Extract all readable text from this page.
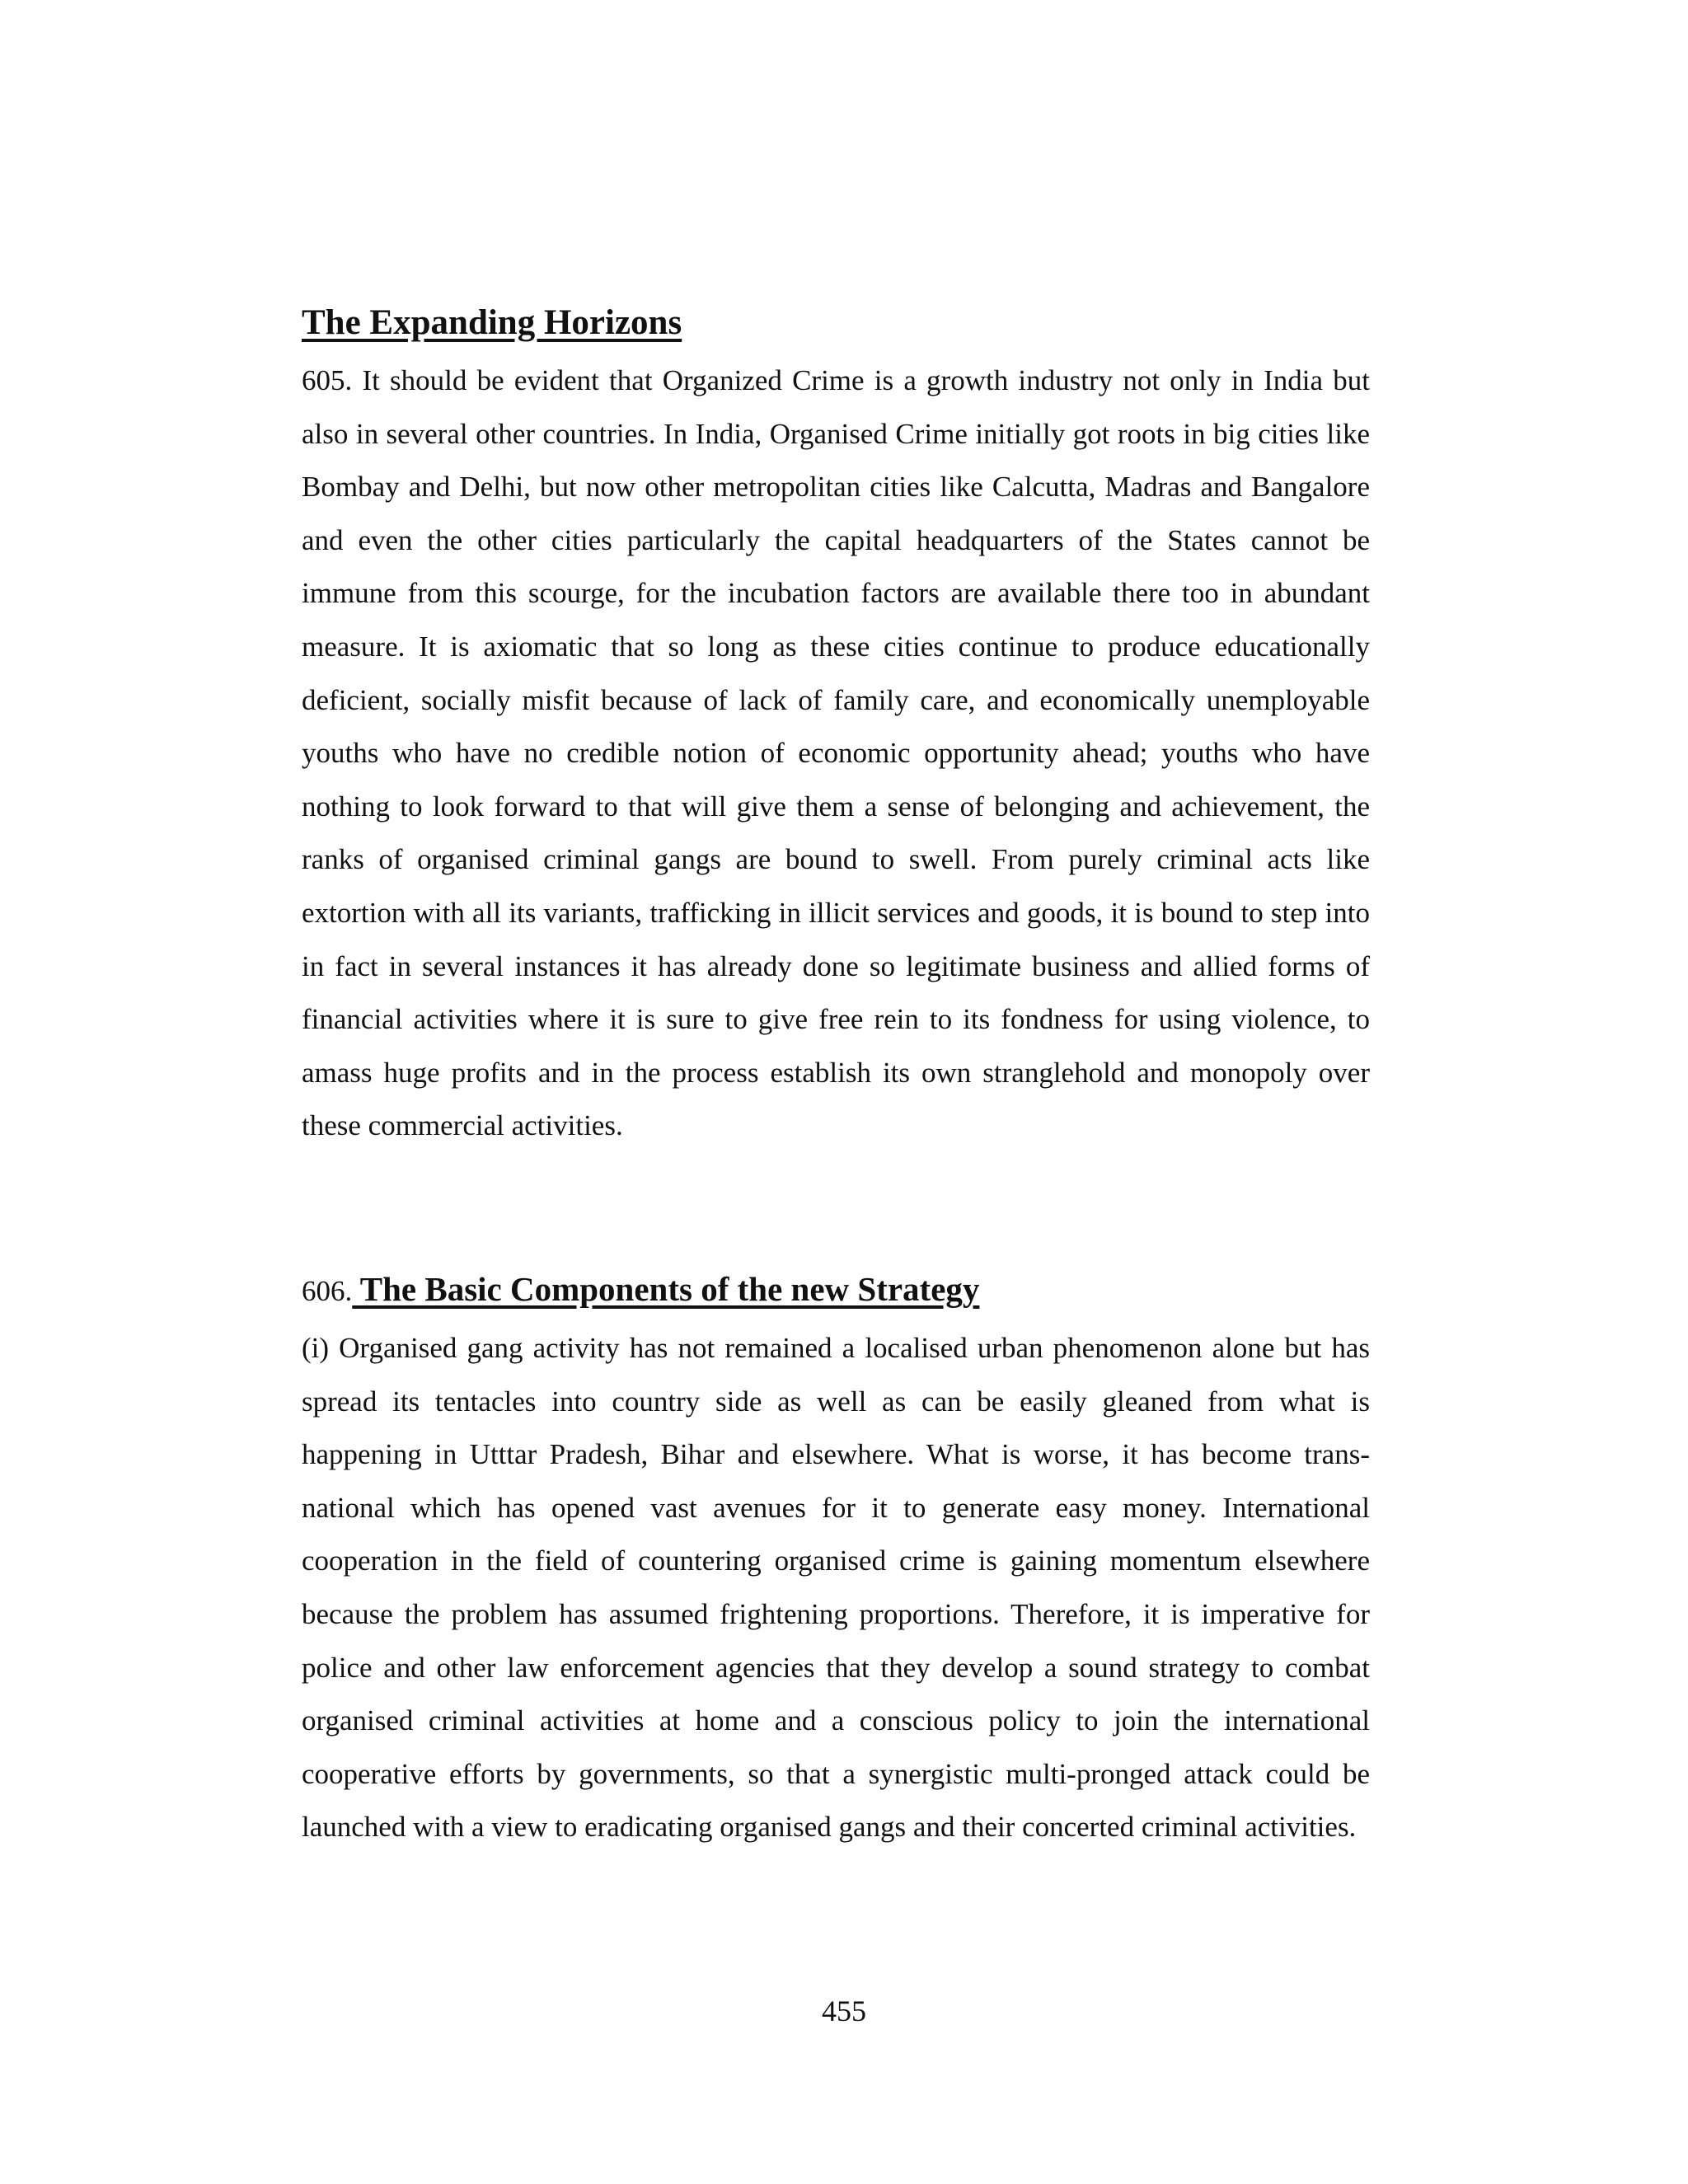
The Expanding Horizons
605. It should be evident that Organized Crime is a growth industry not only in India but also in several other countries. In India, Organised Crime initially got roots in big cities like Bombay and Delhi, but now other metropolitan cities like Calcutta, Madras and Bangalore and even the other cities particularly the capital headquarters of the States cannot be immune from this scourge, for the incubation factors are available there too in abundant measure. It is axiomatic that so long as these cities continue to produce educationally deficient, socially misfit because of lack of family care, and economically unemployable youths who have no credible notion of economic opportunity ahead; youths who have nothing to look forward to that will give them a sense of belonging and achievement, the ranks of organised criminal gangs are bound to swell. From purely criminal acts like extortion with all its variants, trafficking in illicit services and goods, it is bound to step into in fact in several instances it has already done so legitimate business and allied forms of financial activities where it is sure to give free rein to its fondness for using violence, to amass huge profits and in the process establish its own stranglehold and monopoly over these commercial activities.
606. The Basic Components of the new Strategy
(i) Organised gang activity has not remained a localised urban phenomenon alone but has spread its tentacles into country side as well as can be easily gleaned from what is happening in Utttar Pradesh, Bihar and elsewhere. What is worse, it has become trans-national which has opened vast avenues for it to generate easy money. International cooperation in the field of countering organised crime is gaining momentum elsewhere because the problem has assumed frightening proportions. Therefore, it is imperative for police and other law enforcement agencies that they develop a sound strategy to combat organised criminal activities at home and a conscious policy to join the international cooperative efforts by governments, so that a synergistic multi-pronged attack could be launched with a view to eradicating organised gangs and their concerted criminal activities.
455
